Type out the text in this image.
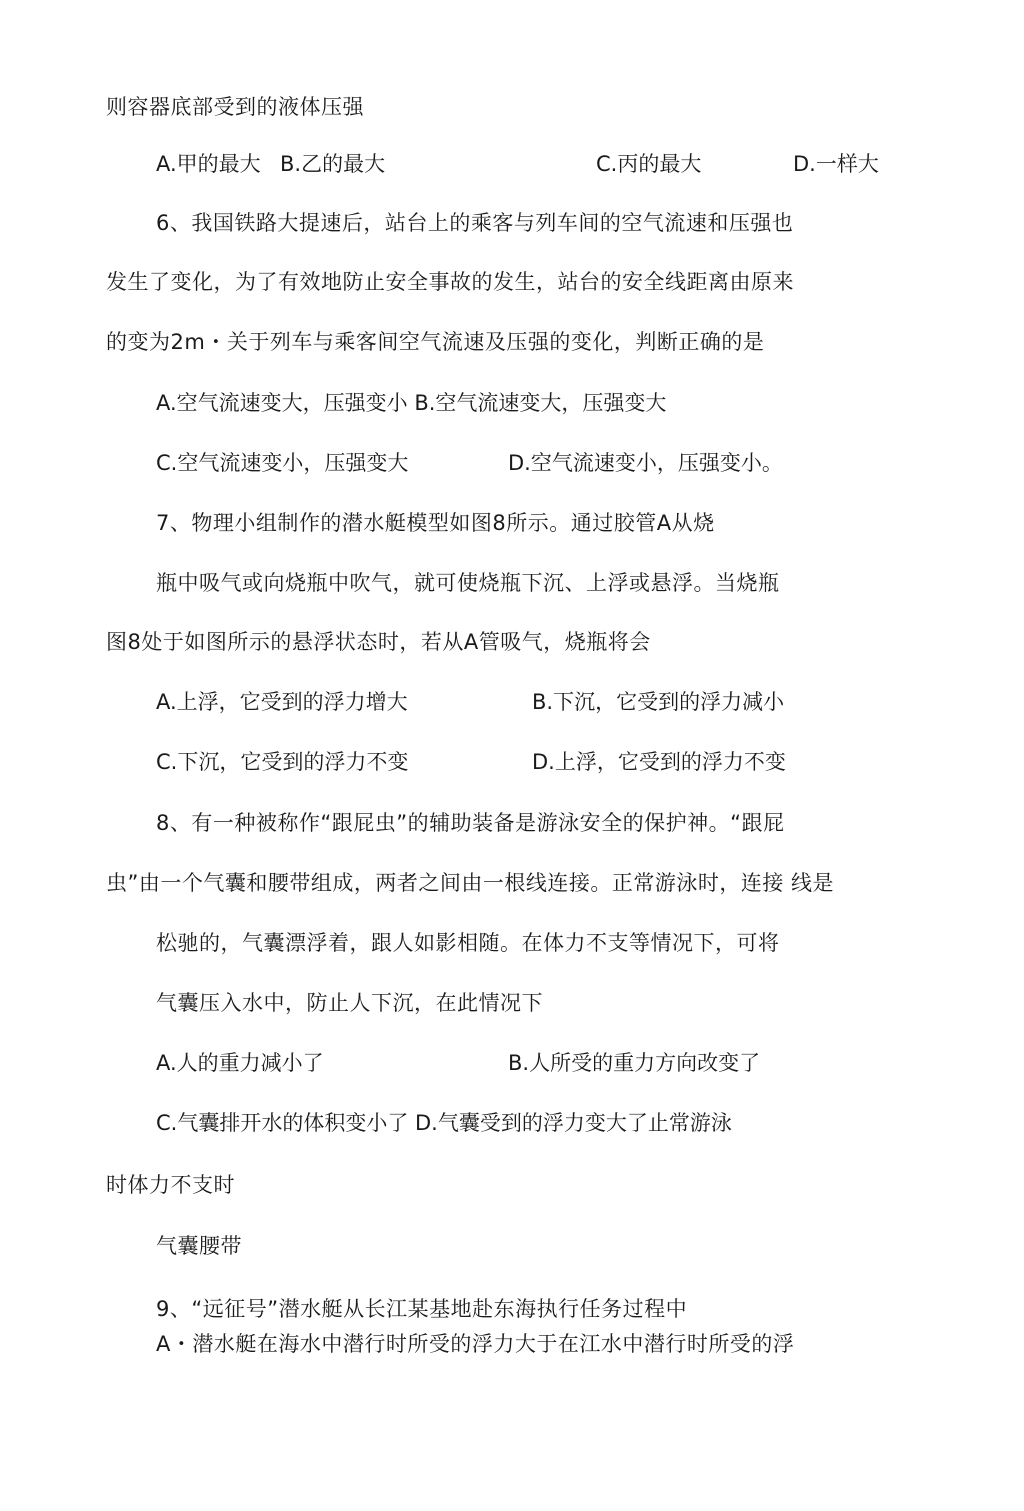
则容器底部受到的液体压强
A.甲的最大 B.乙的最大	C.丙的最大	D.一样大
6、我国铁路大提速后，站台上的乘客与列车间的空气流速和压强也
发生了变化，为了有效地防止安全事故的发生，站台的安全线距离由原来
的变为2m・关于列车与乘客间空气流速及压强的变化，判断正确的是
A.空气流速变大，压强变小 B.空气流速变大，压强变大
C.空气流速变小，压强变大	D.空气流速变小，压强变小。
7、物理小组制作的潜水艇模型如图8所示。通过胶管A从烧
瓶中吸气或向烧瓶中吹气，就可使烧瓶下沉、上浮或悬浮。当烧瓶
图8处于如图所示的悬浮状态时，若从A管吸气，烧瓶将会
A.上浮，它受到的浮力增大	B.下沉，它受到的浮力减小
C.下沉，它受到的浮力不变	D.上浮，它受到的浮力不变
8、有一种被称作“跟屁虫”的辅助装备是游泳安全的保护神。“跟屁
虫”由一个气囊和腰带组成，两者之间由一根线连接。正常游泳时，连接 线是
松驰的，气囊漂浮着，跟人如影相随。在体力不支等情况下，可将
气囊压入水中，防止人下沉，在此情况下
A.人的重力减小了	B.人所受的重力方向改变了
C.气囊排开水的体积变小了 D.气囊受到的浮力变大了止常游泳
时体力不支时
气囊腰带
9、“远征号”潜水艇从长江某基地赴东海执行任务过程中
A・潜水艇在海水中潜行时所受的浮力大于在江水中潜行时所受的浮
